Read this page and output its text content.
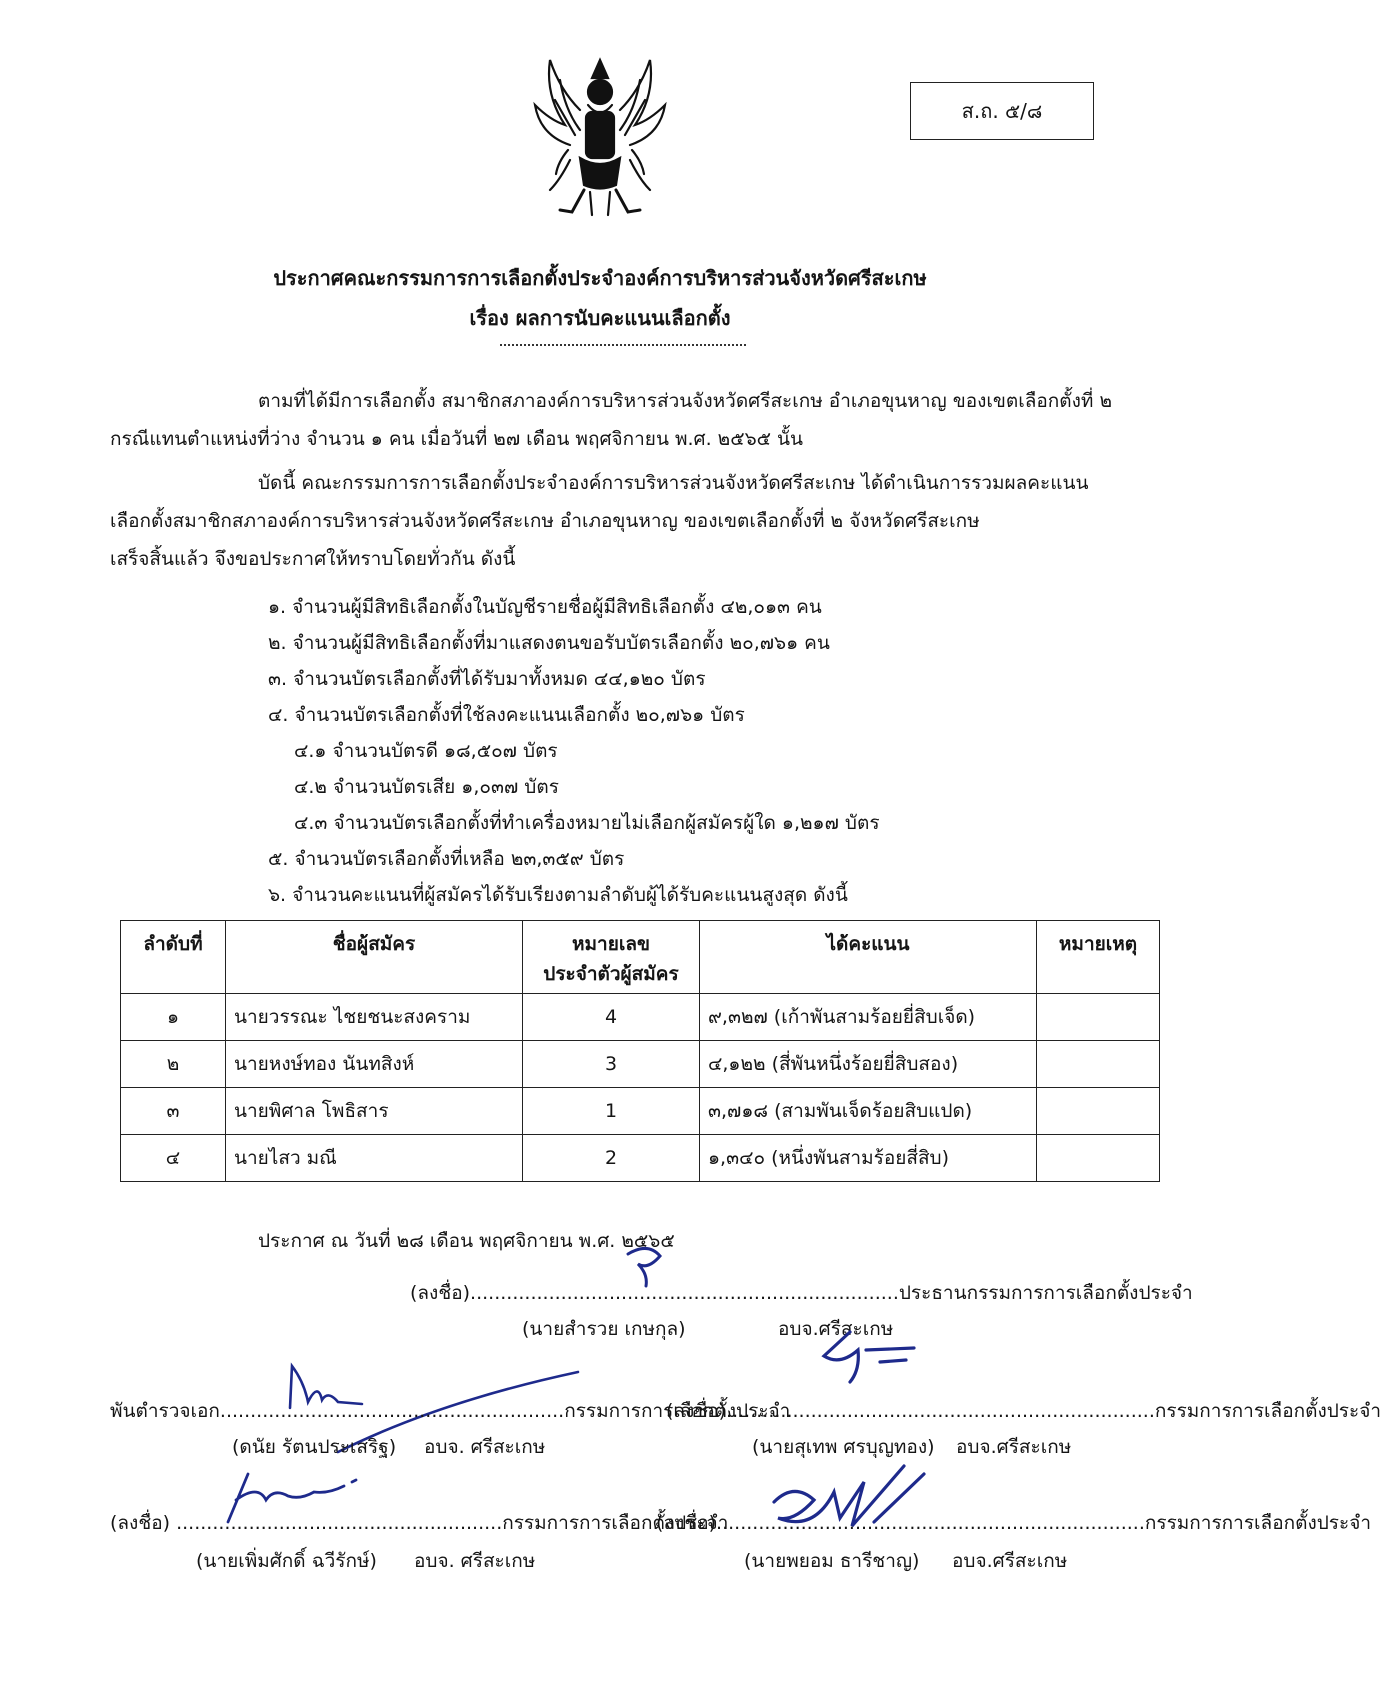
ส.ถ. ๕/๘
ประกาศคณะกรรมการการเลือกตั้งประจำองค์การบริหารส่วนจังหวัดศรีสะเกษ
เรื่อง ผลการนับคะแนนเลือกตั้ง
ตามที่ได้มีการเลือกตั้ง สมาชิกสภาองค์การบริหารส่วนจังหวัดศรีสะเกษ อำเภอขุนหาญ ของเขตเลือกตั้งที่ ๒
กรณีแทนตำแหน่งที่ว่าง จำนวน ๑ คน เมื่อวันที่ ๒๗ เดือน พฤศจิกายน พ.ศ. ๒๕๖๕ นั้น
บัดนี้ คณะกรรมการการเลือกตั้งประจำองค์การบริหารส่วนจังหวัดศรีสะเกษ ได้ดำเนินการรวมผลคะแนน
เลือกตั้งสมาชิกสภาองค์การบริหารส่วนจังหวัดศรีสะเกษ อำเภอขุนหาญ ของเขตเลือกตั้งที่ ๒ จังหวัดศรีสะเกษ
เสร็จสิ้นแล้ว จึงขอประกาศให้ทราบโดยทั่วกัน ดังนี้
๑. จำนวนผู้มีสิทธิเลือกตั้งในบัญชีรายชื่อผู้มีสิทธิเลือกตั้ง ๔๒,๐๑๓ คน
๒. จำนวนผู้มีสิทธิเลือกตั้งที่มาแสดงตนขอรับบัตรเลือกตั้ง ๒๐,๗๖๑ คน
๓. จำนวนบัตรเลือกตั้งที่ได้รับมาทั้งหมด ๔๔,๑๒๐ บัตร
๔. จำนวนบัตรเลือกตั้งที่ใช้ลงคะแนนเลือกตั้ง ๒๐,๗๖๑ บัตร
๔.๑ จำนวนบัตรดี ๑๘,๕๐๗ บัตร
๔.๒ จำนวนบัตรเสีย ๑,๐๓๗ บัตร
๔.๓ จำนวนบัตรเลือกตั้งที่ทำเครื่องหมายไม่เลือกผู้สมัครผู้ใด ๑,๒๑๗ บัตร
๕. จำนวนบัตรเลือกตั้งที่เหลือ ๒๓,๓๕๙ บัตร
๖. จำนวนคะแนนที่ผู้สมัครได้รับเรียงตามลำดับผู้ได้รับคะแนนสูงสุด ดังนี้
ลำดับที่	ชื่อผู้สมัคร	หมายเลข
ประจำตัวผู้สมัคร	ได้คะแนน	หมายเหตุ
๑	นายวรรณะ ไชยชนะสงคราม	4	๙,๓๒๗ (เก้าพันสามร้อยยี่สิบเจ็ด)	
๒	นายหงษ์ทอง นันทสิงห์	3	๔,๑๒๒ (สี่พันหนึ่งร้อยยี่สิบสอง)	
๓	นายพิศาล โพธิสาร	1	๓,๗๑๘ (สามพันเจ็ดร้อยสิบแปด)	
๔	นายไสว มณี	2	๑,๓๔๐ (หนึ่งพันสามร้อยสี่สิบ)	
ประกาศ ณ วันที่ ๒๘ เดือน พฤศจิกายน พ.ศ. ๒๕๖๕
(ลงชื่อ).......................................................................ประธานกรรมการการเลือกตั้งประจำ
(นายสำรวย เกษกุล)	อบจ.ศรีสะเกษ
พันตำรวจเอก.........................................................กรรมการการเลือกตั้งประจำ
(ลงชื่อ).......................................................................กรรมการการเลือกตั้งประจำ
(ดนัย รัตนประเสริฐ) อบจ. ศรีสะเกษ	(นายสุเทพ ศรบุญทอง) อบจ.ศรีสะเกษ
(ลงชื่อ) ......................................................กรรมการการเลือกตั้งประจำ
(ลงชื่อ).......................................................................กรรมการการเลือกตั้งประจำ
(นายเพิ่มศักดิ์ ฉวีรักษ์) อบจ. ศรีสะเกษ	(นายพยอม ธารีชาญ) อบจ.ศรีสะเกษ
